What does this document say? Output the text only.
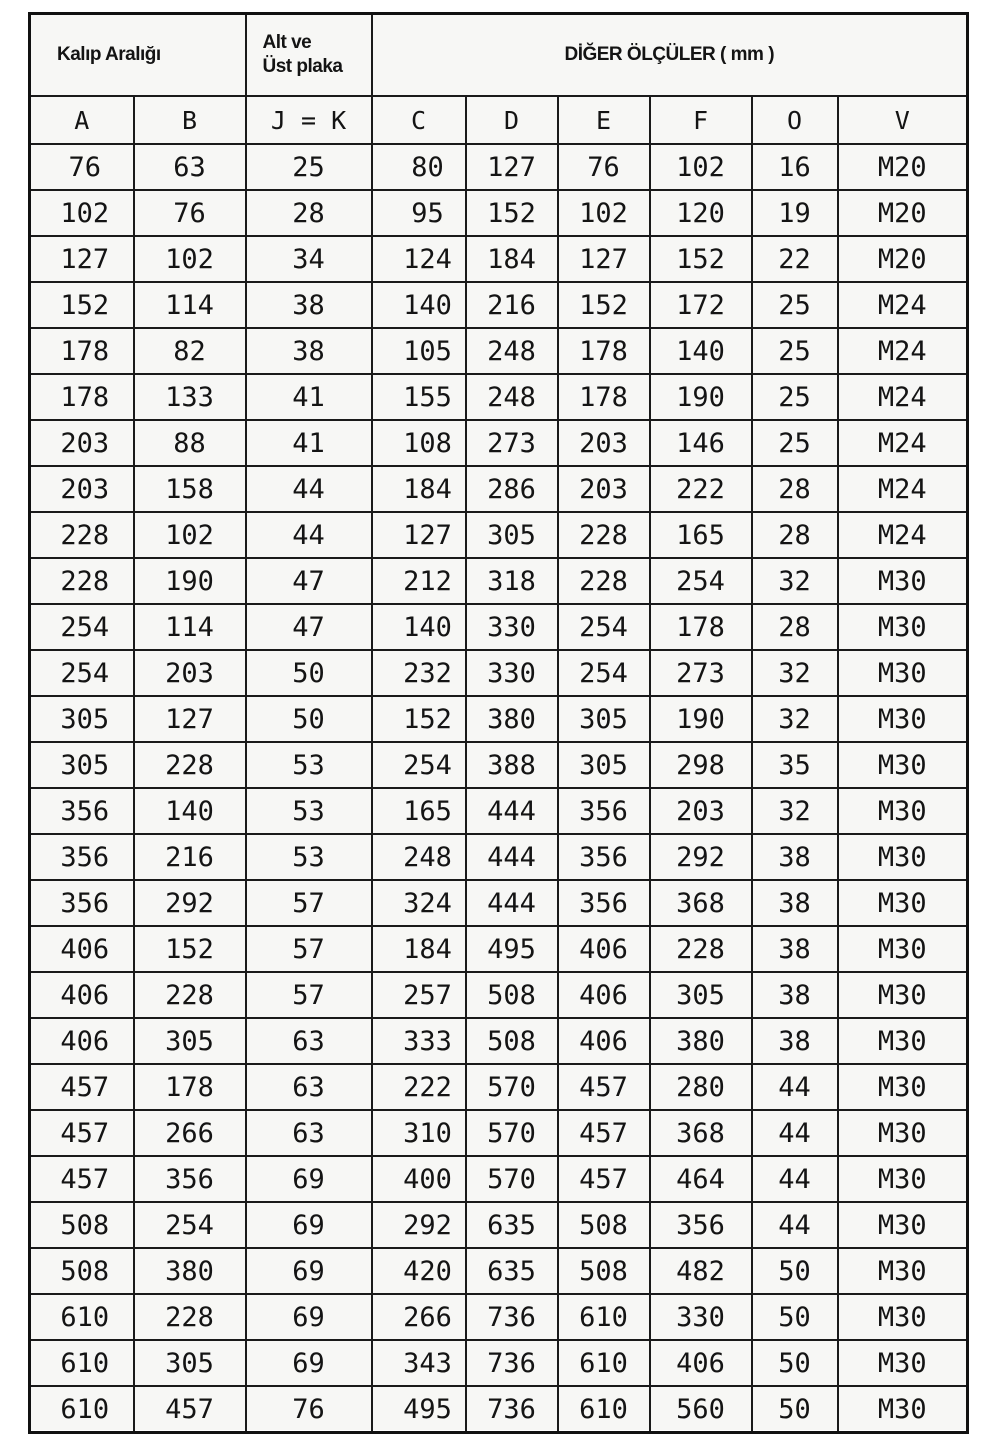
Kalıp Aralığı		Alt ve
Üst plaka	DİĞER ÖLÇÜLER ( mm )					
A	B	J = K	C	D	E	F	O	V
76	63	25	80	127	76	102	16	M20
102	76	28	95	152	102	120	19	M20
127	102	34	124	184	127	152	22	M20
152	114	38	140	216	152	172	25	M24
178	82	38	105	248	178	140	25	M24
178	133	41	155	248	178	190	25	M24
203	88	41	108	273	203	146	25	M24
203	158	44	184	286	203	222	28	M24
228	102	44	127	305	228	165	28	M24
228	190	47	212	318	228	254	32	M30
254	114	47	140	330	254	178	28	M30
254	203	50	232	330	254	273	32	M30
305	127	50	152	380	305	190	32	M30
305	228	53	254	388	305	298	35	M30
356	140	53	165	444	356	203	32	M30
356	216	53	248	444	356	292	38	M30
356	292	57	324	444	356	368	38	M30
406	152	57	184	495	406	228	38	M30
406	228	57	257	508	406	305	38	M30
406	305	63	333	508	406	380	38	M30
457	178	63	222	570	457	280	44	M30
457	266	63	310	570	457	368	44	M30
457	356	69	400	570	457	464	44	M30
508	254	69	292	635	508	356	44	M30
508	380	69	420	635	508	482	50	M30
610	228	69	266	736	610	330	50	M30
610	305	69	343	736	610	406	50	M30
610	457	76	495	736	610	560	50	M30
